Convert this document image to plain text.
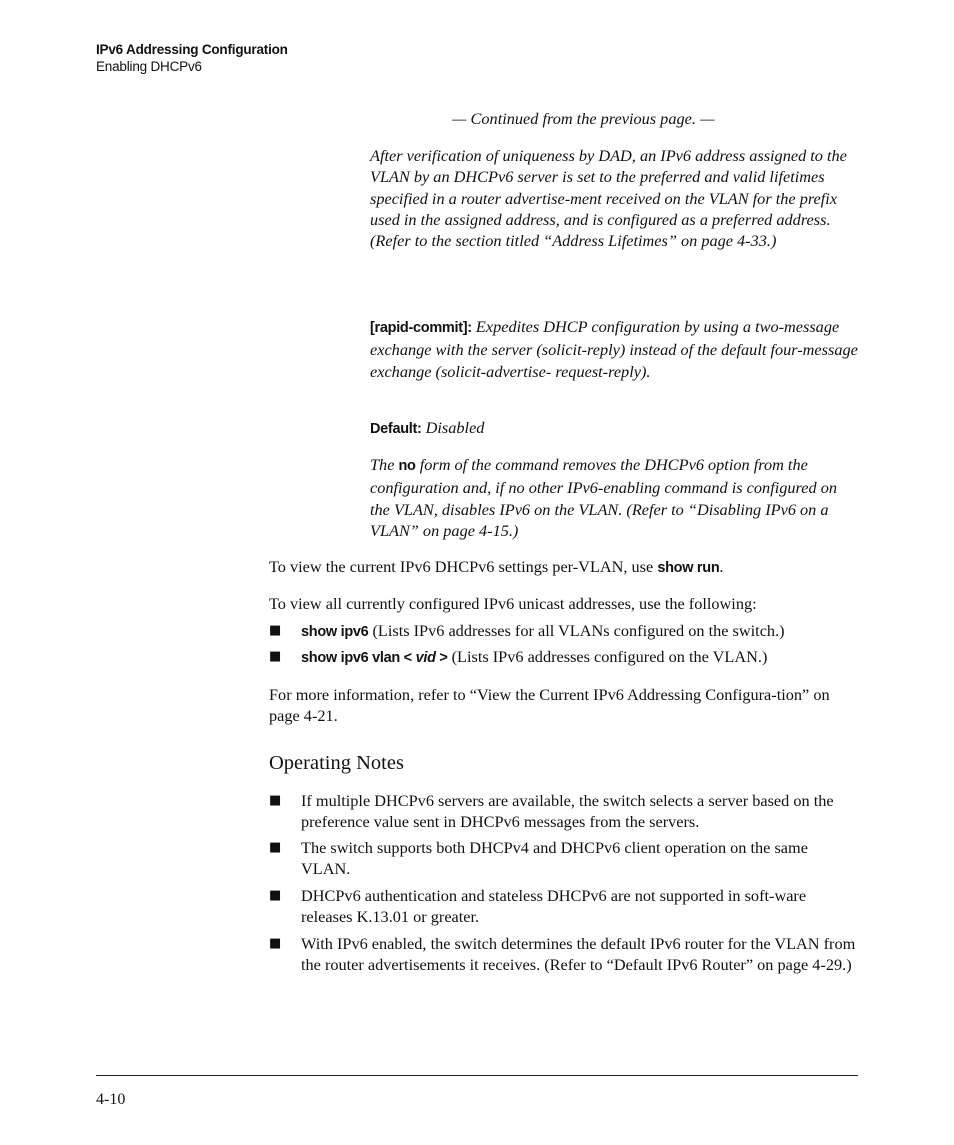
IPv6 Addressing Configuration
Enabling DHCPv6
— Continued from the previous page. —

After verification of uniqueness by DAD, an IPv6 address assigned to the VLAN by an DHCPv6 server is set to the preferred and valid lifetimes specified in a router advertise-ment received on the VLAN for the prefix used in the assigned address, and is configured as a preferred address. (Refer to the section titled “Address Lifetimes” on page 4-33.)

[rapid-commit]: Expedites DHCP configuration by using a two-message exchange with the server (solicit-reply) instead of the default four-message exchange (solicit-advertise- request-reply).

Default: Disabled

The no form of the command removes the DHCPv6 option from the configuration and, if no other IPv6-enabling command is configured on the VLAN, disables IPv6 on the VLAN. (Refer to “Disabling IPv6 on a VLAN” on page 4-15.)

To view the current IPv6 DHCPv6 settings per-VLAN, use show run.

To view all currently configured IPv6 unicast addresses, use the following:

■ show ipv6 (Lists IPv6 addresses for all VLANs configured on the switch.)

■ show ipv6 vlan < vid > (Lists IPv6 addresses configured on the VLAN.)

For more information, refer to “View the Current IPv6 Addressing Configura-tion” on page 4-21.

Operating Notes
■ If multiple DHCPv6 servers are available, the switch selects a server based on the preference value sent in DHCPv6 messages from the servers.

■ The switch supports both DHCPv4 and DHCPv6 client operation on the same VLAN.

■ DHCPv6 authentication and stateless DHCPv6 are not supported in soft-ware releases K.13.01 or greater.

■ With IPv6 enabled, the switch determines the default IPv6 router for the VLAN from the router advertisements it receives. (Refer to “Default IPv6 Router” on page 4-29.)

4-10
